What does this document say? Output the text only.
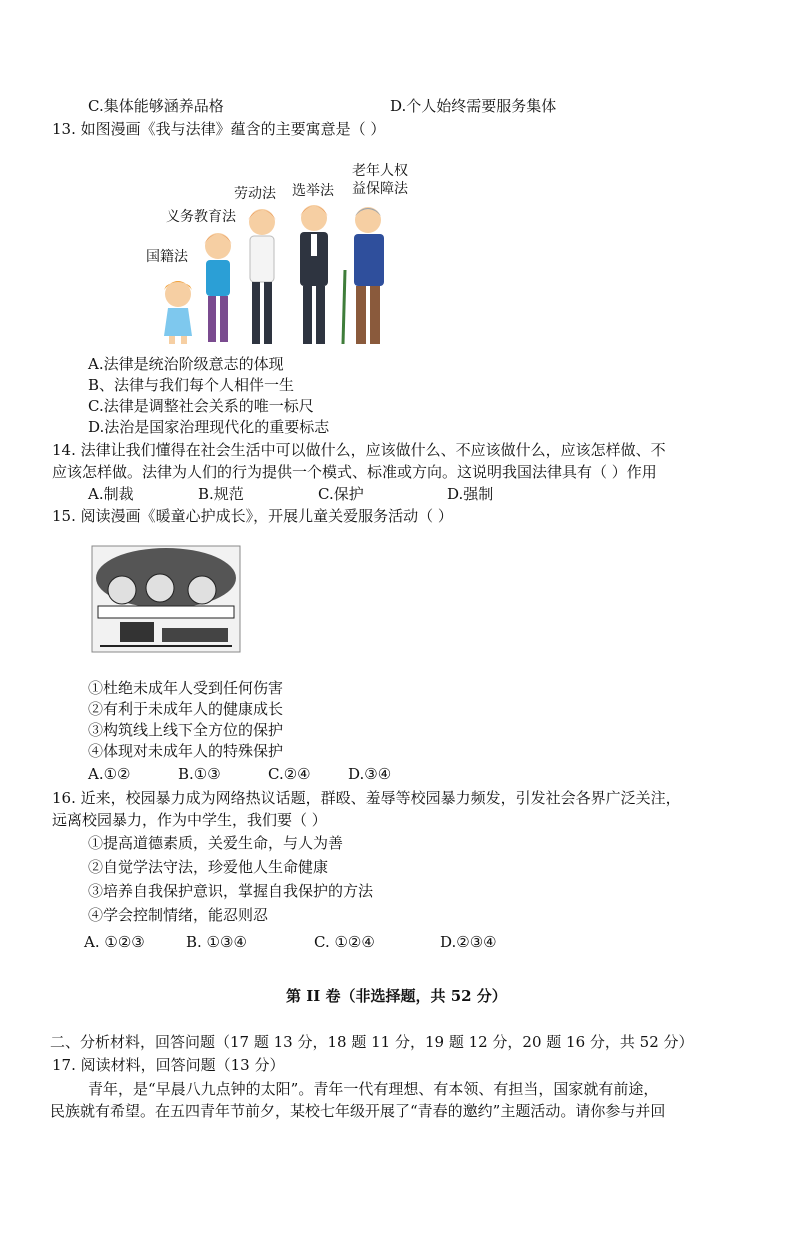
C.集体能够涵养品格	D.个人始终需要服务集体
13. 如图漫画《我与法律》蕴含的主要寓意是（ ）
国籍法
义务教育法
劳动法 选举法
老年人权
益保障法
A.法律是统治阶级意志的体现
B、法律与我们每个人相伴一生
C.法律是调整社会关系的唯一标尺
D.法治是国家治理现代化的重要标志
14. 法律让我们懂得在社会生活中可以做什么，应该做什么、不应该做什么，应该怎样做、不
应该怎样做。法律为人们的行为提供一个模式、标准或方向。这说明我国法律具有（ ）作用
A.制裁	B.规范	C.保护	D.强制
15. 阅读漫画《暖童心护成长》，开展儿童关爱服务活动（ ）
①杜绝未成年人受到任何伤害
②有利于未成年人的健康成长
③构筑线上线下全方位的保护
④体现对未成年人的特殊保护
A.①②	B.①③	C.②④ D.③④
16. 近来，校园暴力成为网络热议话题，群殴、羞辱等校园暴力频发，引发社会各界广泛关注，
远离校园暴力，作为中学生，我们要（ ）
①提高道德素质，关爱生命，与人为善
②自觉学法守法，珍爱他人生命健康
③培养自我保护意识，掌握自我保护的方法
④学会控制情绪，能忍则忍
A. ①②③	B. ①③④	C. ①②④	D.②③④
第 II 卷（非选择题，共 52 分）
二、分析材料，回答问题（17 题 13 分，18 题 11 分，19 题 12 分，20 题 16 分，共 52 分）
17. 阅读材料，回答问题（13 分）
青年，是“早晨八九点钟的太阳”。青年一代有理想、有本领、有担当，国家就有前途，
民族就有希望。在五四青年节前夕，某校七年级开展了“青春的邀约”主题活动。请你参与并回
